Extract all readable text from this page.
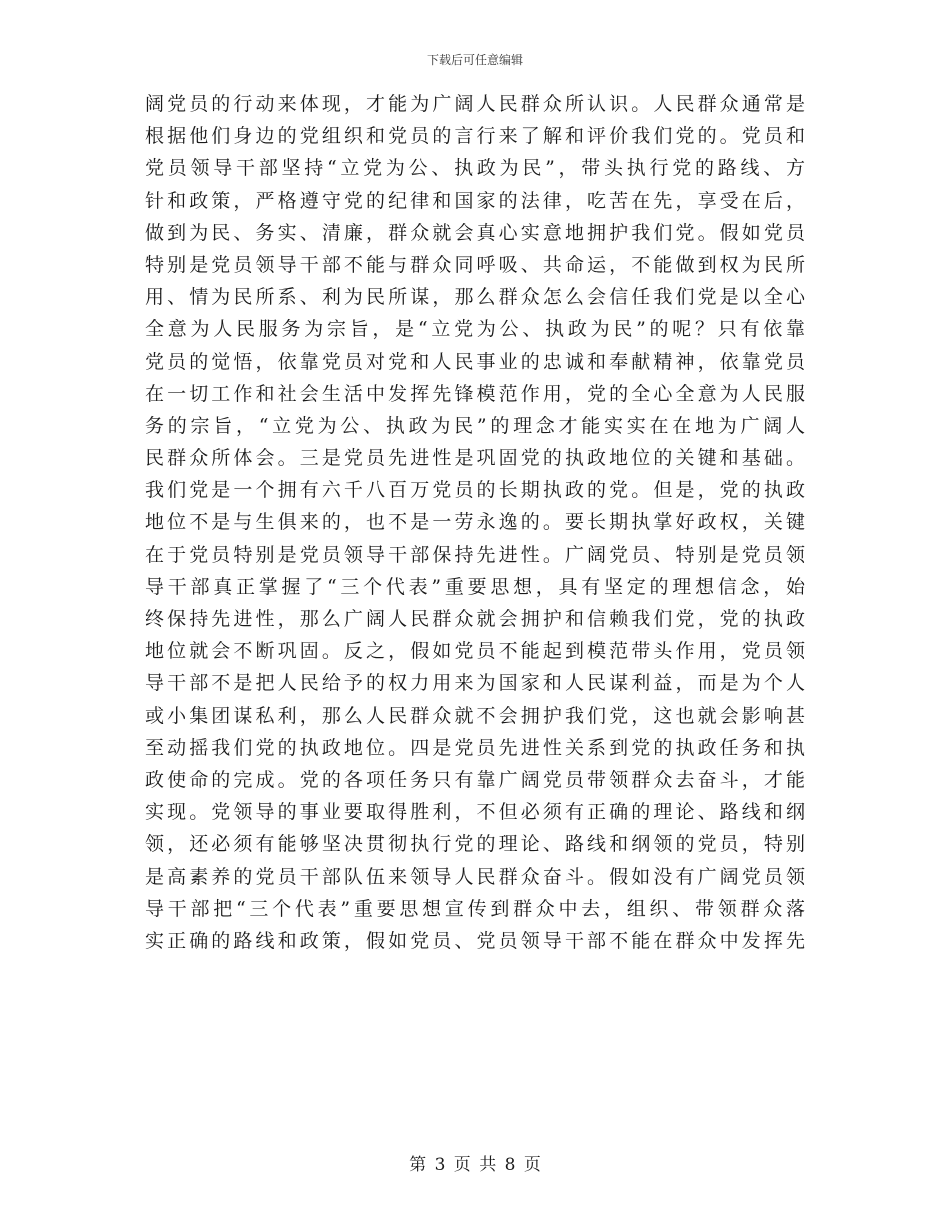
下载后可任意编辑
阔党员的行动来体现，才能为广阔人民群众所认识。人民群众通常是
根据他们身边的党组织和党员的言行来了解和评价我们党的。党员和
党员领导干部坚持“立党为公、执政为民”，带头执行党的路线、方
针和政策，严格遵守党的纪律和国家的法律，吃苦在先，享受在后，
做到为民、务实、清廉，群众就会真心实意地拥护我们党。假如党员
特别是党员领导干部不能与群众同呼吸、共命运，不能做到权为民所
用、情为民所系、利为民所谋，那么群众怎么会信任我们党是以全心
全意为人民服务为宗旨，是“立党为公、执政为民”的呢？只有依靠
党员的觉悟，依靠党员对党和人民事业的忠诚和奉献精神，依靠党员
在一切工作和社会生活中发挥先锋模范作用，党的全心全意为人民服
务的宗旨，“立党为公、执政为民”的理念才能实实在在地为广阔人
民群众所体会。三是党员先进性是巩固党的执政地位的关键和基础。
我们党是一个拥有六千八百万党员的长期执政的党。但是，党的执政
地位不是与生俱来的，也不是一劳永逸的。要长期执掌好政权，关键
在于党员特别是党员领导干部保持先进性。广阔党员、特别是党员领
导干部真正掌握了“三个代表”重要思想，具有坚定的理想信念，始
终保持先进性，那么广阔人民群众就会拥护和信赖我们党，党的执政
地位就会不断巩固。反之，假如党员不能起到模范带头作用，党员领
导干部不是把人民给予的权力用来为国家和人民谋利益，而是为个人
或小集团谋私利，那么人民群众就不会拥护我们党，这也就会影响甚
至动摇我们党的执政地位。四是党员先进性关系到党的执政任务和执
政使命的完成。党的各项任务只有靠广阔党员带领群众去奋斗，才能
实现。党领导的事业要取得胜利，不但必须有正确的理论、路线和纲
领，还必须有能够坚决贯彻执行党的理论、路线和纲领的党员，特别
是高素养的党员干部队伍来领导人民群众奋斗。假如没有广阔党员领
导干部把“三个代表”重要思想宣传到群众中去，组织、带领群众落
实正确的路线和政策，假如党员、党员领导干部不能在群众中发挥先
第 3 页 共 8 页
